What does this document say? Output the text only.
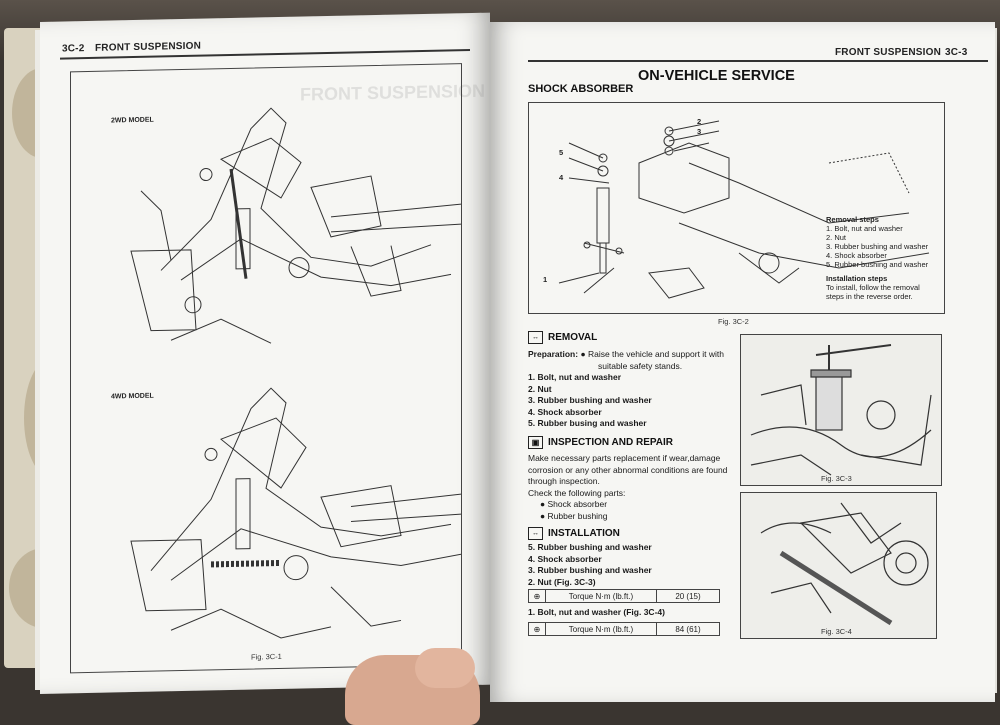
FRONT SUSPENSION
3C-2 FRONT SUSPENSION
2WD MODEL
4WD MODEL
Fig. 3C-1
FRONT SUSPENSION 3C-3
ON-VEHICLE SERVICE
SHOCK ABSORBER
2
3
5
4
1
Removal steps
1. Bolt, nut and washer
2. Nut
3. Rubber bushing and washer
4. Shock absorber
5. Rubber bushing and washer
Installation steps
To install, follow the removal
steps in the reverse order.
Fig. 3C-2
↔ REMOVAL
Preparation: ● Raise the vehicle and support it with
suitable safety stands.
1. Bolt, nut and washer
2. Nut
3. Rubber bushing and washer
4. Shock absorber
5. Rubber busing and washer
▣ INSPECTION AND REPAIR
Make necessary parts replacement if wear,damage
corrosion or any other abnormal conditions are found
through inspection.
Check the following parts:
● Shock absorber
● Rubber bushing
↔ INSTALLATION
5. Rubber bushing and washer
4. Shock absorber
3. Rubber bushing and washer
2. Nut (Fig. 3C-3)
⊕	Torque N·m (lb.ft.)	20 (15)
1. Bolt, nut and washer (Fig. 3C-4)
⊕	Torque N·m (lb.ft.)	84 (61)
Fig. 3C-3
Fig. 3C-4
